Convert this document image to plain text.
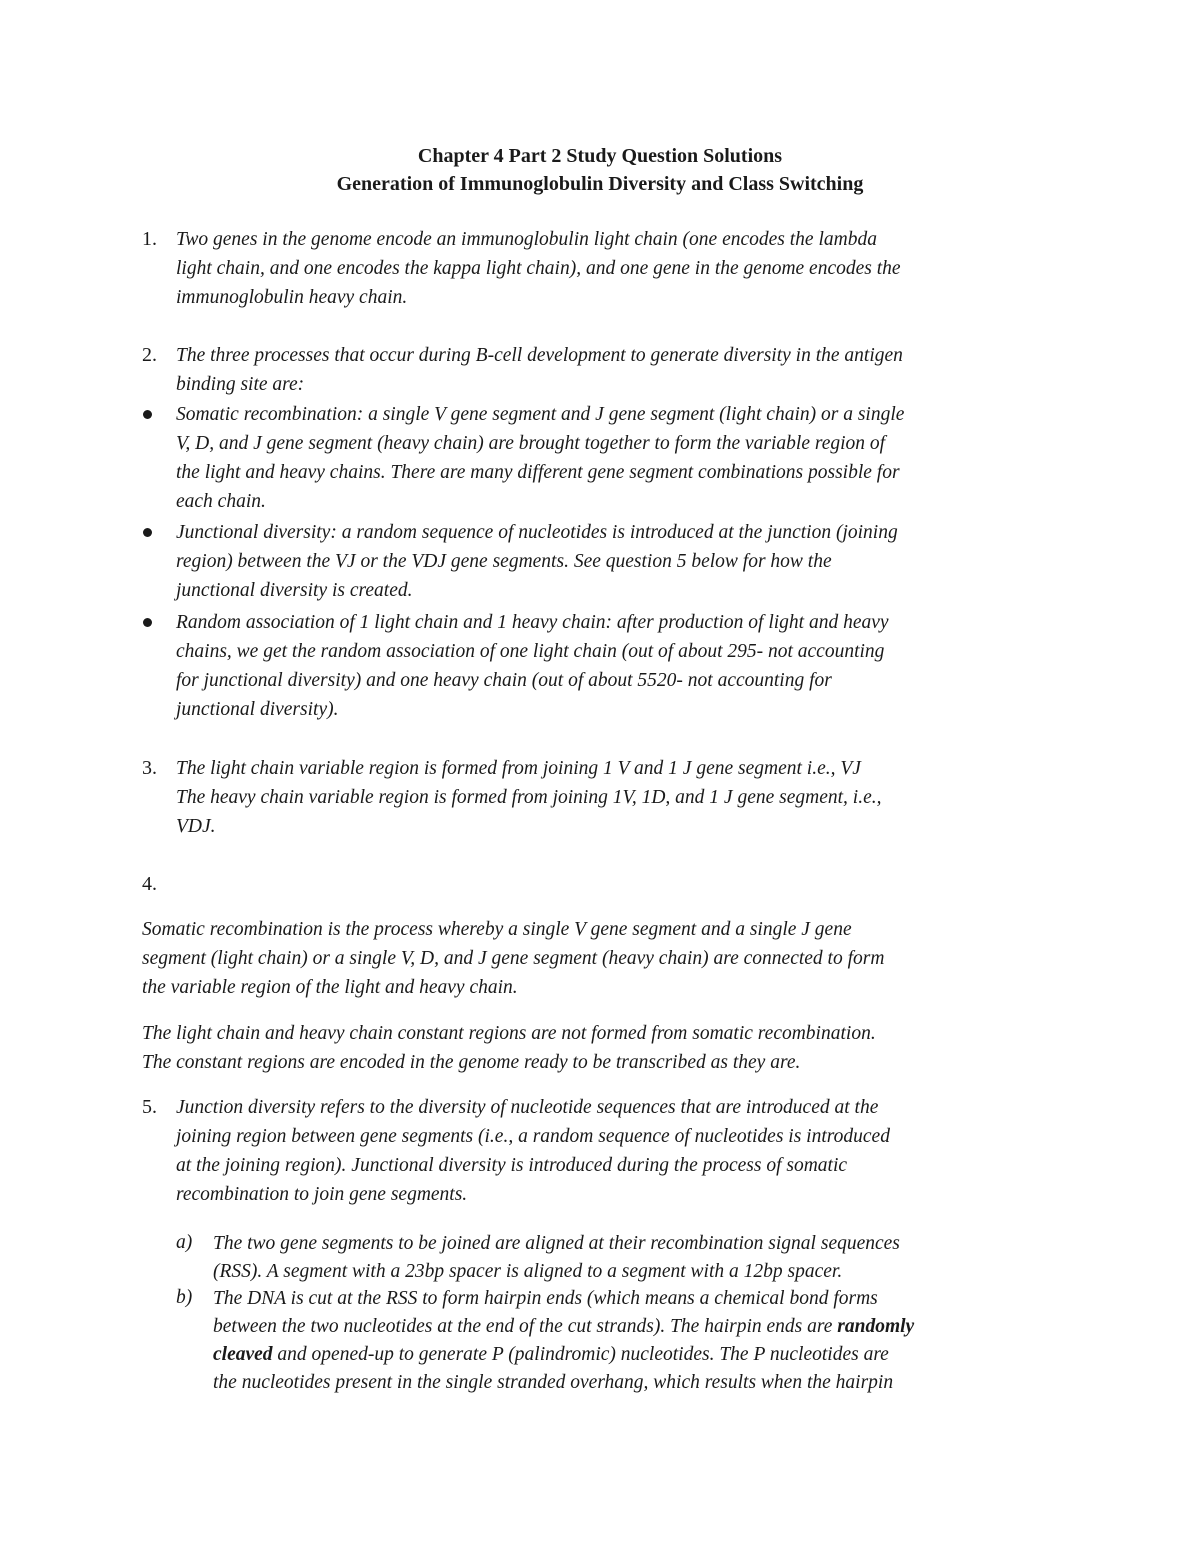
Chapter 4 Part 2 Study Question Solutions
Generation of Immunoglobulin Diversity and Class Switching
1. Two genes in the genome encode an immunoglobulin light chain (one encodes the lambda
light chain, and one encodes the kappa light chain), and one gene in the genome encodes the
immunoglobulin heavy chain.
2. The three processes that occur during B-cell development to generate diversity in the antigen
binding site are:
Somatic recombination: a single V gene segment and J gene segment (light chain) or a single
V, D, and J gene segment (heavy chain) are brought together to form the variable region of
the light and heavy chains. There are many different gene segment combinations possible for
each chain.
Junctional diversity: a random sequence of nucleotides is introduced at the junction (joining
region) between the VJ or the VDJ gene segments. See question 5 below for how the
junctional diversity is created.
Random association of 1 light chain and 1 heavy chain: after production of light and heavy
chains, we get the random association of one light chain (out of about 295- not accounting
for junctional diversity) and one heavy chain (out of about 5520- not accounting for
junctional diversity).
3. The light chain variable region is formed from joining 1 V and 1 J gene segment i.e., VJ
The heavy chain variable region is formed from joining 1V, 1D, and 1 J gene segment, i.e.,
VDJ.
4.
Somatic recombination is the process whereby a single V gene segment and a single J gene
segment (light chain) or a single V, D, and J gene segment (heavy chain) are connected to form
the variable region of the light and heavy chain.
The light chain and heavy chain constant regions are not formed from somatic recombination.
The constant regions are encoded in the genome ready to be transcribed as they are.
5. Junction diversity refers to the diversity of nucleotide sequences that are introduced at the
joining region between gene segments (i.e., a random sequence of nucleotides is introduced
at the joining region). Junctional diversity is introduced during the process of somatic
recombination to join gene segments.
a) The two gene segments to be joined are aligned at their recombination signal sequences
(RSS). A segment with a 23bp spacer is aligned to a segment with a 12bp spacer.
b) The DNA is cut at the RSS to form hairpin ends (which means a chemical bond forms
between the two nucleotides at the end of the cut strands). The hairpin ends are randomly
cleaved and opened-up to generate P (palindromic) nucleotides. The P nucleotides are
the nucleotides present in the single stranded overhang, which results when the hairpin
